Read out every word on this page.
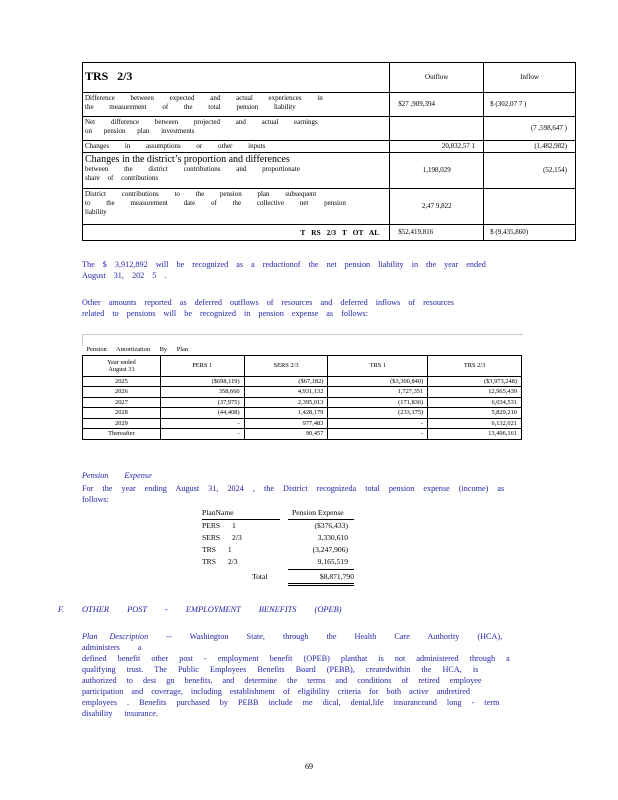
TRS 2/3	Outflow	Inflow

Difference between expected and actual experiences in
the measurement of the total pension liability	$27 ,909,394	$ (302,07 7 )

Net difference between projected and actual earnings
on pension plan investments		(7 ,598,647 )

Changes in assumptions or other inputs	20,832,57 1	(1,482,982)

Changes in the district’s proportion and differences
between the district contributions and proportionate
share of contributions	1,198,029	(52,154)

District contributions to the pension plan subsequent
to the measurement date of the collective net pension
liability	2,47 9,822	
T RS 2/3 T OT AL	$52,419,816	$ (9,435,860)
The $ 3,912,892 will be recognized as a reductionof the net pension liability in the year ended
August 31, 202 5 .
Other amounts reported as deferred outflows of resources and deferred inflows of resources
related to pensions will be recognized in pension expense as follows:
Pension Amortization By Plan				

Year ended
August 31	PERS 1	SERS 2/3	TRS 1	TRS 2/3
2025	($698,119)	($67,182)	($3,300,840)	($3,973,248)
2026	358,660	4,931,132	1,727,351	12,965,439
2027	(37,975)	2,395,013	(171,836)	6,034,531
2028	(44,408)	1,428,179	(233,175)	5,829,210
2029	-	977,483	-	6,132,021
Thereafter	-	90,457	-	13,496,161
Pension Expense
For the year ending August 31, 2024 , the District recognizeda total pension expense (income) as
follows:
PlanName	Pension Expense
PERS 1	($376,433)
SERS 2/3	3,330,610
TRS 1	(3,247,906)
TRS 2/3	9,165,519
Total	$8,871,790
F. OTHER POST - EMPLOYMENT BENEFITS (OPEB)
Plan Description -- Washington State, through the Health Care Authority (HCA), administers a
defined benefit other post - employment benefit (OPEB) planthat is not administered through a
qualifying trust. The Public Employees Benefits Board (PEBB), createdwithin the HCA, is
authorized to desi gn benefits, and determine the terms and conditions of retired employee
participation and coverage, including establishment of eligibility criteria for both active andretired
employees . Benefits purchased by PEBB include me dical, dental,life insuranceand long - term
disability insurance.
69
